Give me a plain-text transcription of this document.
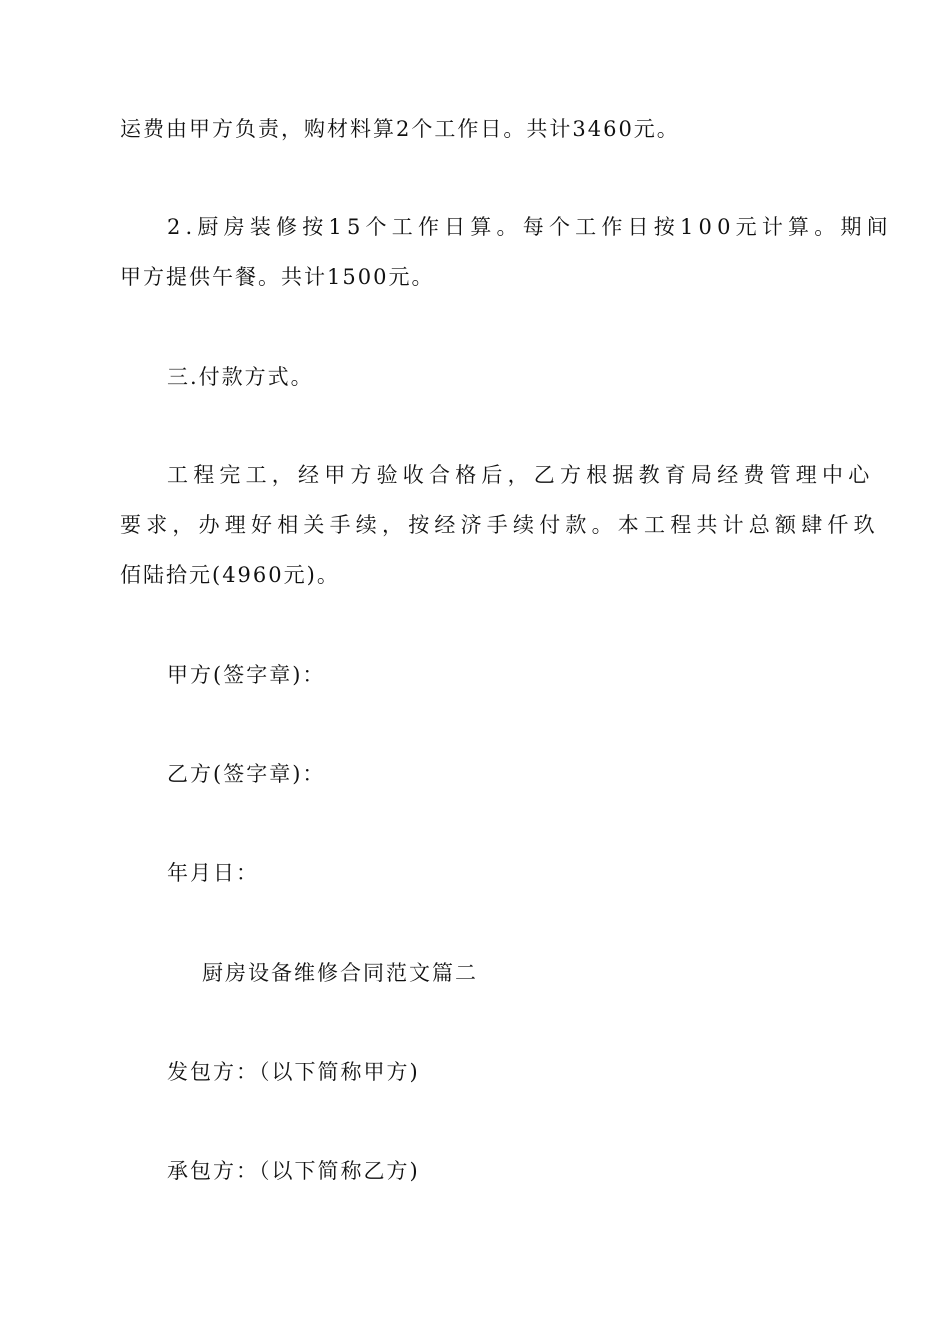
运费由甲方负责，购材料算2个工作日。共计3460元。
2.厨房装修按15个工作日算。每个工作日按100元计算。期间
甲方提供午餐。共计1500元。
三.付款方式。
工程完工，经甲方验收合格后，乙方根据教育局经费管理中心
要求，办理好相关手续，按经济手续付款。本工程共计总额肆仟玖
佰陆拾元(4960元)。
甲方(签字章)：
乙方(签字章)：
年月日：
厨房设备维修合同范文篇二
发包方：（以下简称甲方)
承包方：（以下简称乙方)
